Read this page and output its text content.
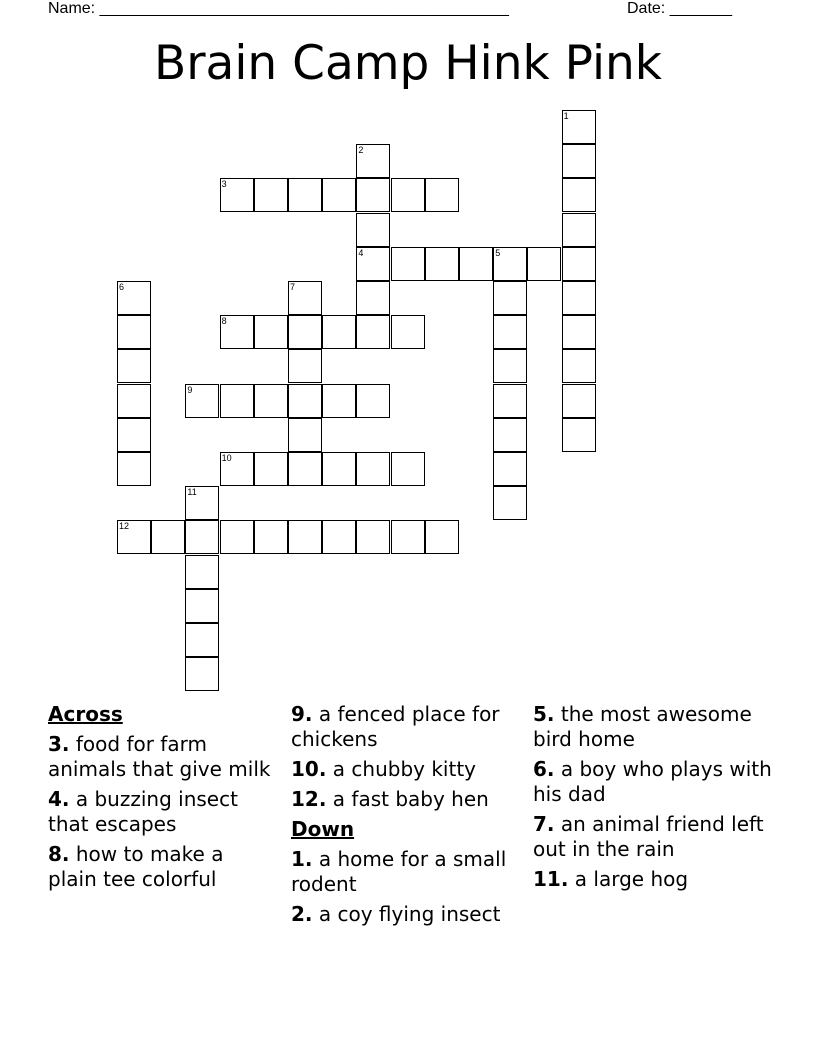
Name: ______________________________________________	Date: _______
Brain Camp Hink Pink
1
2
4
3
5
6	7
8
9
10
11
12
Across
3. food for farm animals that give milk
4. a buzzing insect that escapes
8. how to make a plain tee colorful
9. a fenced place for chickens
10. a chubby kitty
12. a fast baby hen
Down
1. a home for a small rodent
2. a coy flying insect
5. the most awesome bird home
6. a boy who plays with his dad
7. an animal friend left out in the rain
11. a large hog
